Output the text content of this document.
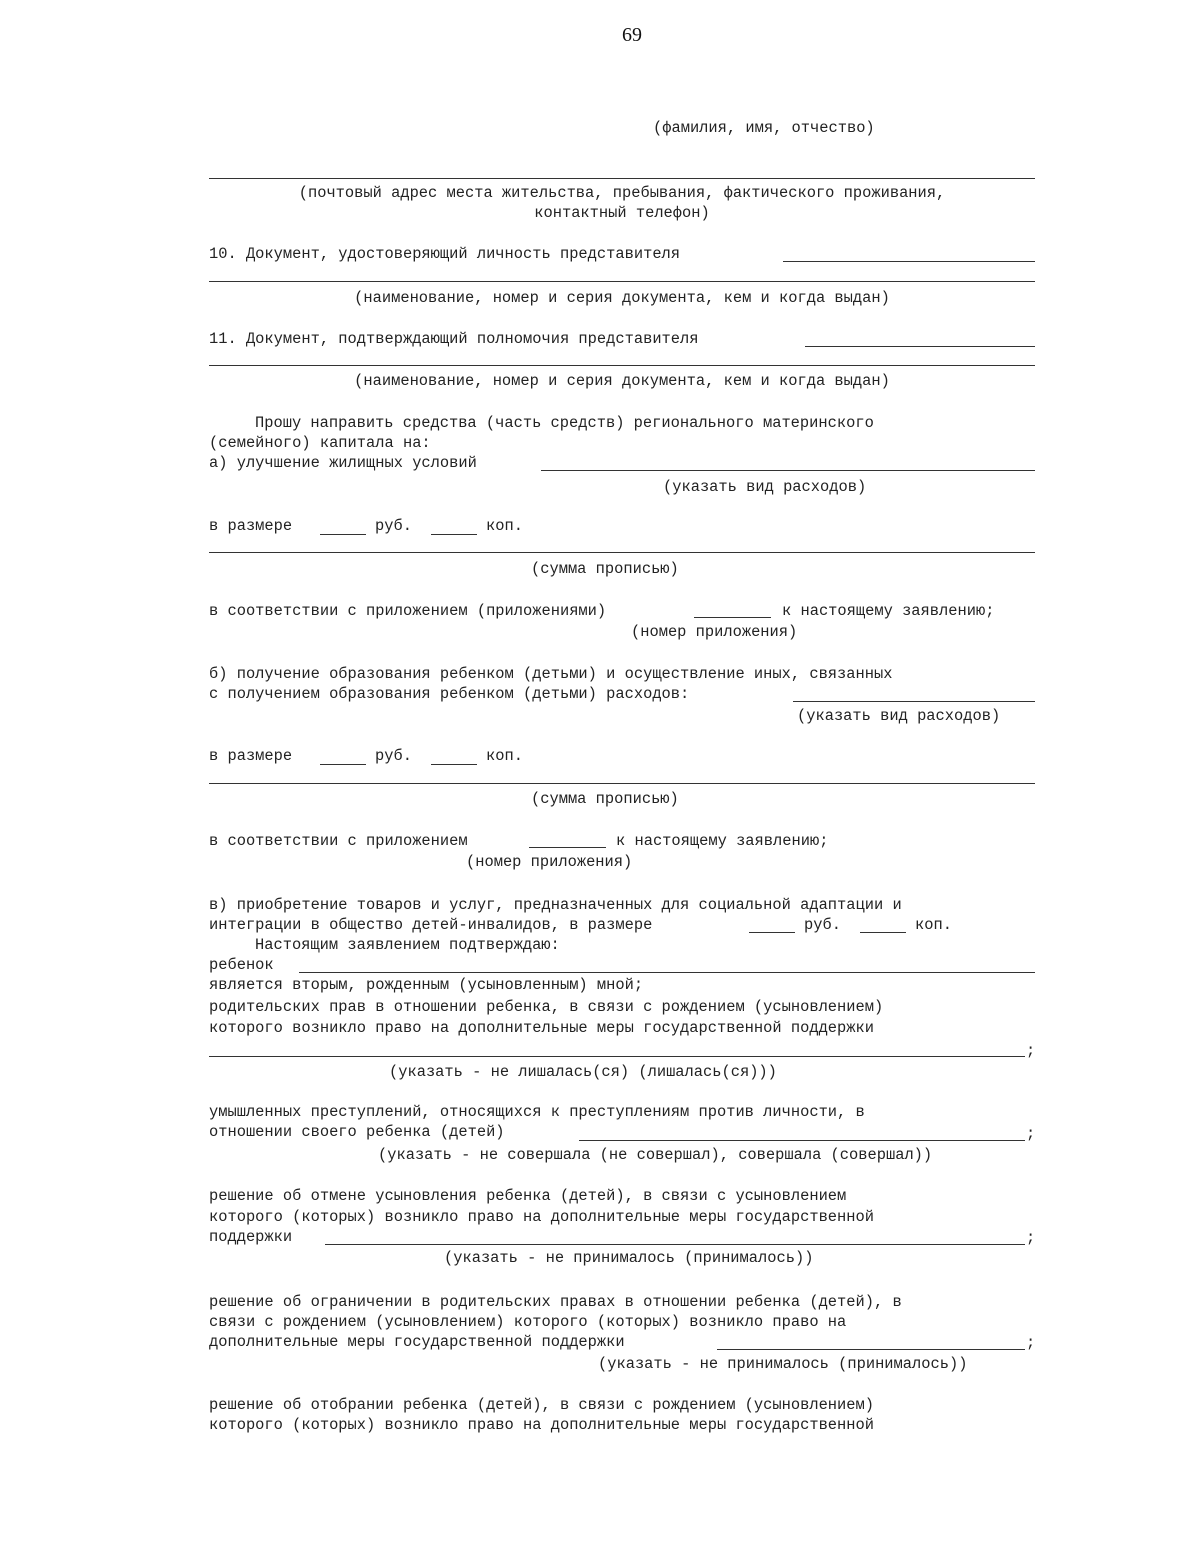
69
(фамилия, имя, отчество)
(почтовый адрес места жительства, пребывания, фактического проживания,
контактный телефон)
10. Документ, удостоверяющий личность представителя
(наименование, номер и серия документа, кем и когда выдан)
11. Документ, подтверждающий полномочия представителя
(наименование, номер и серия документа, кем и когда выдан)
Прошу направить средства (часть средств) регионального материнского
(семейного) капитала на:
а) улучшение жилищных условий
(указать вид расходов)
в размере	руб.	коп.
(сумма прописью)
в соответствии с приложением (приложениями)	к настоящему заявлению;
(номер приложения)
б) получение образования ребенком (детьми) и осуществление иных, связанных
с получением образования ребенком (детьми) расходов:
(указать вид расходов)
в размере	руб.	коп.
(сумма прописью)
в соответствии с приложением	к настоящему заявлению;
(номер приложения)
в) приобретение товаров и услуг, предназначенных для социальной адаптации и
интеграции в общество детей-инвалидов, в размере	руб.	коп.
Настоящим заявлением подтверждаю:
ребенок
является вторым, рожденным (усыновленным) мной;
родительских прав в отношении ребенка, в связи с рождением (усыновлением)
которого возникло право на дополнительные меры государственной поддержки
;
(указать - не лишалась(ся) (лишалась(ся)))
умышленных преступлений, относящихся к преступлениям против личности, в
отношении своего ребенка (детей)	;
(указать - не совершала (не совершал), совершала (совершал))
решение об отмене усыновления ребенка (детей), в связи с усыновлением
которого (которых) возникло право на дополнительные меры государственной
поддержки	;
(указать - не принималось (принималось))
решение об ограничении в родительских правах в отношении ребенка (детей), в
связи с рождением (усыновлением) которого (которых) возникло право на
дополнительные меры государственной поддержки	;
(указать - не принималось (принималось))
решение об отобрании ребенка (детей), в связи с рождением (усыновлением)
которого (которых) возникло право на дополнительные меры государственной
